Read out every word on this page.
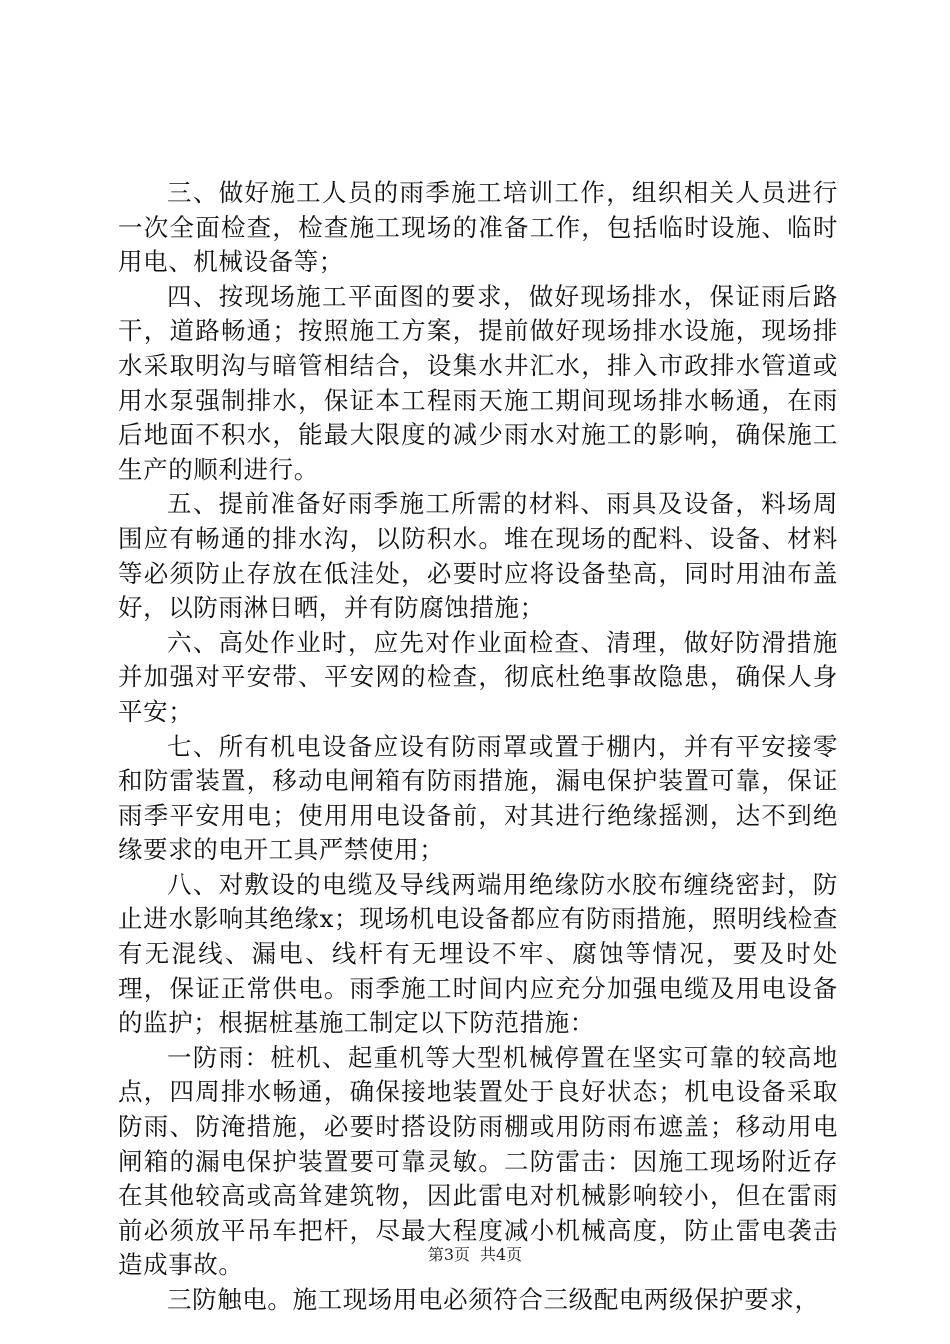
三、做好施工人员的雨季施工培训工作，组织相关人员进行一次全面检查，检查施工现场的准备工作，包括临时设施、临时用电、机械设备等；

四、按现场施工平面图的要求，做好现场排水，保证雨后路干，道路畅通；按照施工方案，提前做好现场排水设施，现场排水采取明沟与暗管相结合，设集水井汇水，排入市政排水管道或用水泵强制排水，保证本工程雨天施工期间现场排水畅通，在雨后地面不积水，能最大限度的减少雨水对施工的影响，确保施工生产的顺利进行。

五、提前准备好雨季施工所需的材料、雨具及设备，料场周围应有畅通的排水沟，以防积水。堆在现场的配料、设备、材料等必须防止存放在低洼处，必要时应将设备垫高，同时用油布盖好，以防雨淋日晒，并有防腐蚀措施；

六、高处作业时，应先对作业面检查、清理，做好防滑措施并加强对平安带、平安网的检查，彻底杜绝事故隐患，确保人身平安；

七、所有机电设备应设有防雨罩或置于棚内，并有平安接零和防雷装置，移动电闸箱有防雨措施，漏电保护装置可靠，保证雨季平安用电；使用用电设备前，对其进行绝缘摇测，达不到绝缘要求的电开工具严禁使用；

八、对敷设的电缆及导线两端用绝缘防水胶布缠绕密封，防止进水影响其绝缘x；现场机电设备都应有防雨措施，照明线检查有无混线、漏电、线杆有无埋设不牢、腐蚀等情况，要及时处理，保证正常供电。雨季施工时间内应充分加强电缆及用电设备的监护；根据桩基施工制定以下防范措施：

一防雨：桩机、起重机等大型机械停置在坚实可靠的较高地点，四周排水畅通，确保接地装置处于良好状态；机电设备采取防雨、防淹措施，必要时搭设防雨棚或用防雨布遮盖；移动用电闸箱的漏电保护装置要可靠灵敏。二防雷击：因施工现场附近存在其他较高或高耸建筑物，因此雷电对机械影响较小，但在雷雨前必须放平吊车把杆，尽最大程度减小机械高度，防止雷电袭击造成事故。

三防触电。施工现场用电必须符合三级配电两级保护要求，

第3页 共4页
